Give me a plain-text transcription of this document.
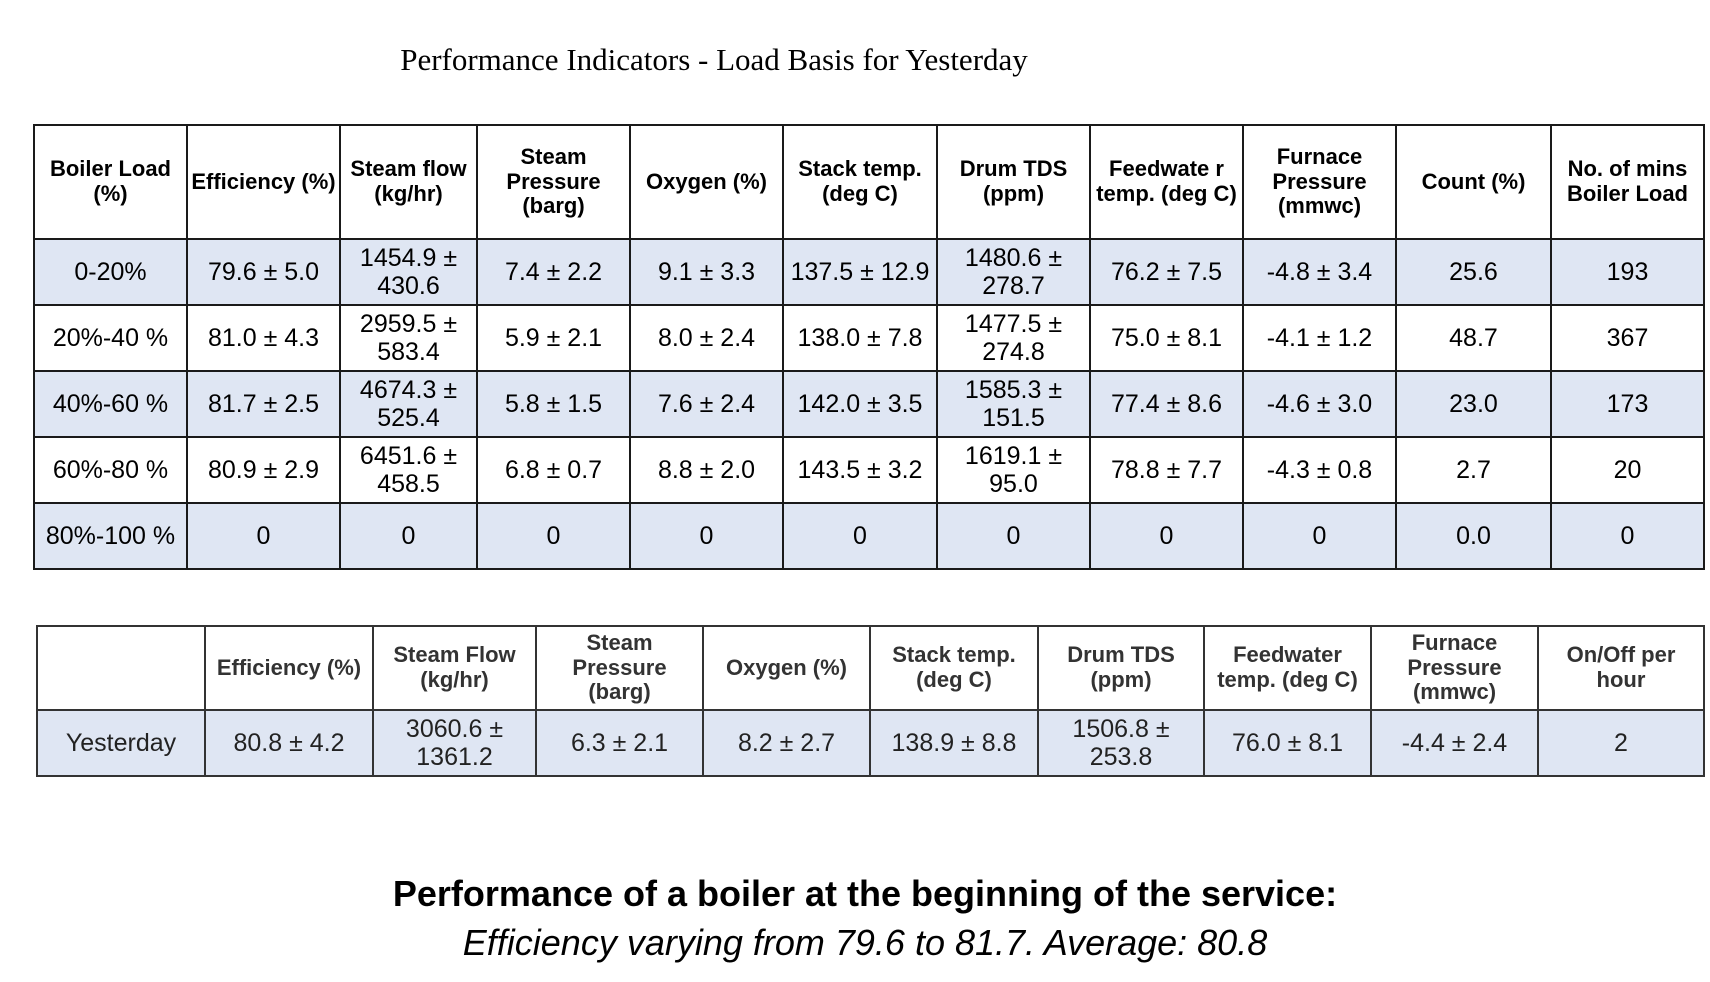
Performance Indicators - Load Basis for Yesterday
Boiler Load (%)	Efficiency (%)	Steam flow (kg/hr)	Steam Pressure (barg)	Oxygen (%)	Stack temp. (deg C)	Drum TDS (ppm)	Feedwate r temp. (deg C)	Furnace Pressure (mmwc)	Count (%)	No. of mins Boiler Load
0-20%	79.6 ± 5.0	1454.9 ± 430.6	7.4 ± 2.2	9.1 ± 3.3	137.5 ± 12.9	1480.6 ± 278.7	76.2 ± 7.5	-4.8 ± 3.4	25.6	193
20%-40 %	81.0 ± 4.3	2959.5 ± 583.4	5.9 ± 2.1	8.0 ± 2.4	138.0 ± 7.8	1477.5 ± 274.8	75.0 ± 8.1	-4.1 ± 1.2	48.7	367
40%-60 %	81.7 ± 2.5	4674.3 ± 525.4	5.8 ± 1.5	7.6 ± 2.4	142.0 ± 3.5	1585.3 ± 151.5	77.4 ± 8.6	-4.6 ± 3.0	23.0	173
60%-80 %	80.9 ± 2.9	6451.6 ± 458.5	6.8 ± 0.7	8.8 ± 2.0	143.5 ± 3.2	1619.1 ± 95.0	78.8 ± 7.7	-4.3 ± 0.8	2.7	20
80%-100 %	0	0	0	0	0	0	0	0	0.0	0
	Efficiency (%)	Steam Flow (kg/hr)	Steam Pressure (barg)	Oxygen (%)	Stack temp. (deg C)	Drum TDS (ppm)	Feedwater temp. (deg C)	Furnace Pressure (mmwc)	On/Off per hour
Yesterday	80.8 ± 4.2	3060.6 ± 1361.2	6.3 ± 2.1	8.2 ± 2.7	138.9 ± 8.8	1506.8 ± 253.8	76.0 ± 8.1	-4.4 ± 2.4	2
Performance of a boiler at the beginning of the service:
Efficiency varying from 79.6 to 81.7. Average: 80.8
